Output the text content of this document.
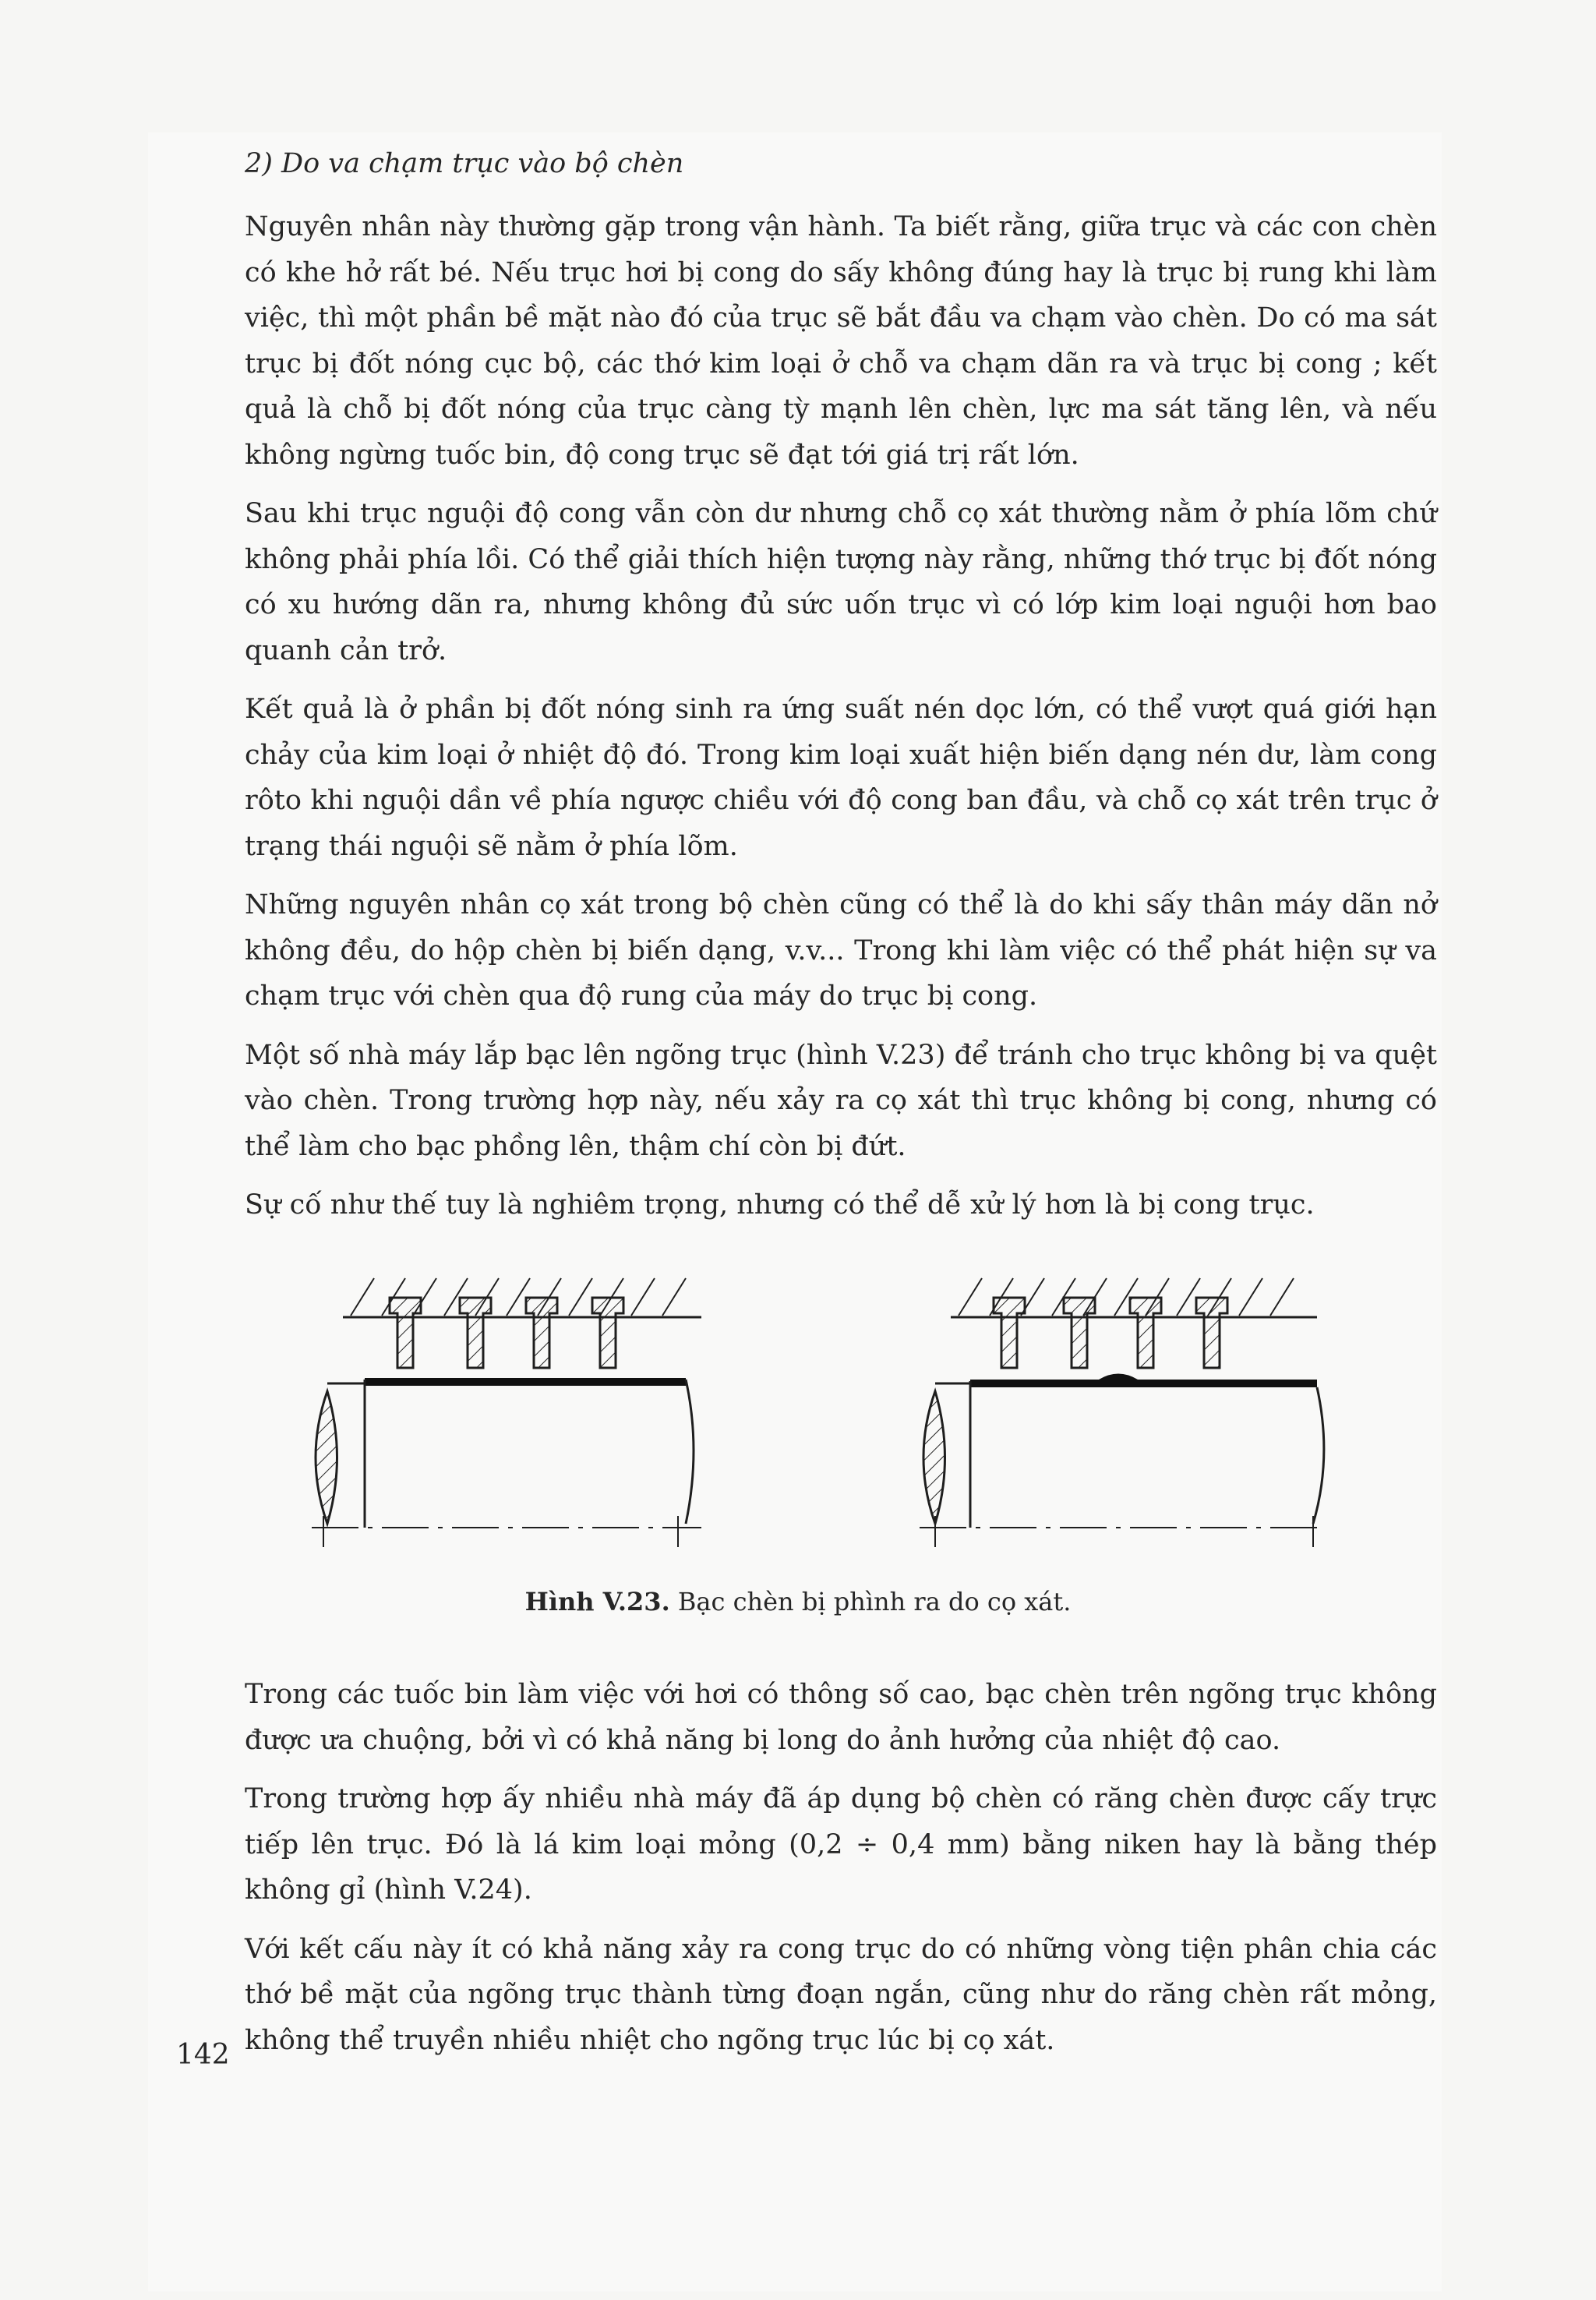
2) Do va chạm trục vào bộ chèn

Nguyên nhân này thường gặp trong vận hành. Ta biết rằng, giữa trục và các con chèn có khe hở rất bé. Nếu trục hơi bị cong do sấy không đúng hay là trục bị rung khi làm việc, thì một phần bề mặt nào đó của trục sẽ bắt đầu va chạm vào chèn. Do có ma sát trục bị đốt nóng cục bộ, các thớ kim loại ở chỗ va chạm dãn ra và trục bị cong ; kết quả là chỗ bị đốt nóng của trục càng tỳ mạnh lên chèn, lực ma sát tăng lên, và nếu không ngừng tuốc bin, độ cong trục sẽ đạt tới giá trị rất lớn.

Sau khi trục nguội độ cong vẫn còn dư nhưng chỗ cọ xát thường nằm ở phía lõm chứ không phải phía lồi. Có thể giải thích hiện tượng này rằng, những thớ trục bị đốt nóng có xu hướng dãn ra, nhưng không đủ sức uốn trục vì có lớp kim loại nguội hơn bao quanh cản trở.

Kết quả là ở phần bị đốt nóng sinh ra ứng suất nén dọc lớn, có thể vượt quá giới hạn chảy của kim loại ở nhiệt độ đó. Trong kim loại xuất hiện biến dạng nén dư, làm cong rôto khi nguội dần về phía ngược chiều với độ cong ban đầu, và chỗ cọ xát trên trục ở trạng thái nguội sẽ nằm ở phía lõm.

Những nguyên nhân cọ xát trong bộ chèn cũng có thể là do khi sấy thân máy dãn nở không đều, do hộp chèn bị biến dạng, v.v... Trong khi làm việc có thể phát hiện sự va chạm trục với chèn qua độ rung của máy do trục bị cong.

Một số nhà máy lắp bạc lên ngõng trục (hình V.23) để tránh cho trục không bị va quệt vào chèn. Trong trường hợp này, nếu xảy ra cọ xát thì trục không bị cong, nhưng có thể làm cho bạc phồng lên, thậm chí còn bị đứt.

Sự cố như thế tuy là nghiêm trọng, nhưng có thể dễ xử lý hơn là bị cong trục.

Hình V.23. Bạc chèn bị phình ra do cọ xát.

Trong các tuốc bin làm việc với hơi có thông số cao, bạc chèn trên ngõng trục không được ưa chuộng, bởi vì có khả năng bị long do ảnh hưởng của nhiệt độ cao.

Trong trường hợp ấy nhiều nhà máy đã áp dụng bộ chèn có răng chèn được cấy trực tiếp lên trục. Đó là lá kim loại mỏng (0,2 ÷ 0,4 mm) bằng niken hay là bằng thép không gỉ (hình V.24).

Với kết cấu này ít có khả năng xảy ra cong trục do có những vòng tiện phân chia các thớ bề mặt của ngõng trục thành từng đoạn ngắn, cũng như do răng chèn rất mỏng, không thể truyền nhiều nhiệt cho ngõng trục lúc bị cọ xát.

142
